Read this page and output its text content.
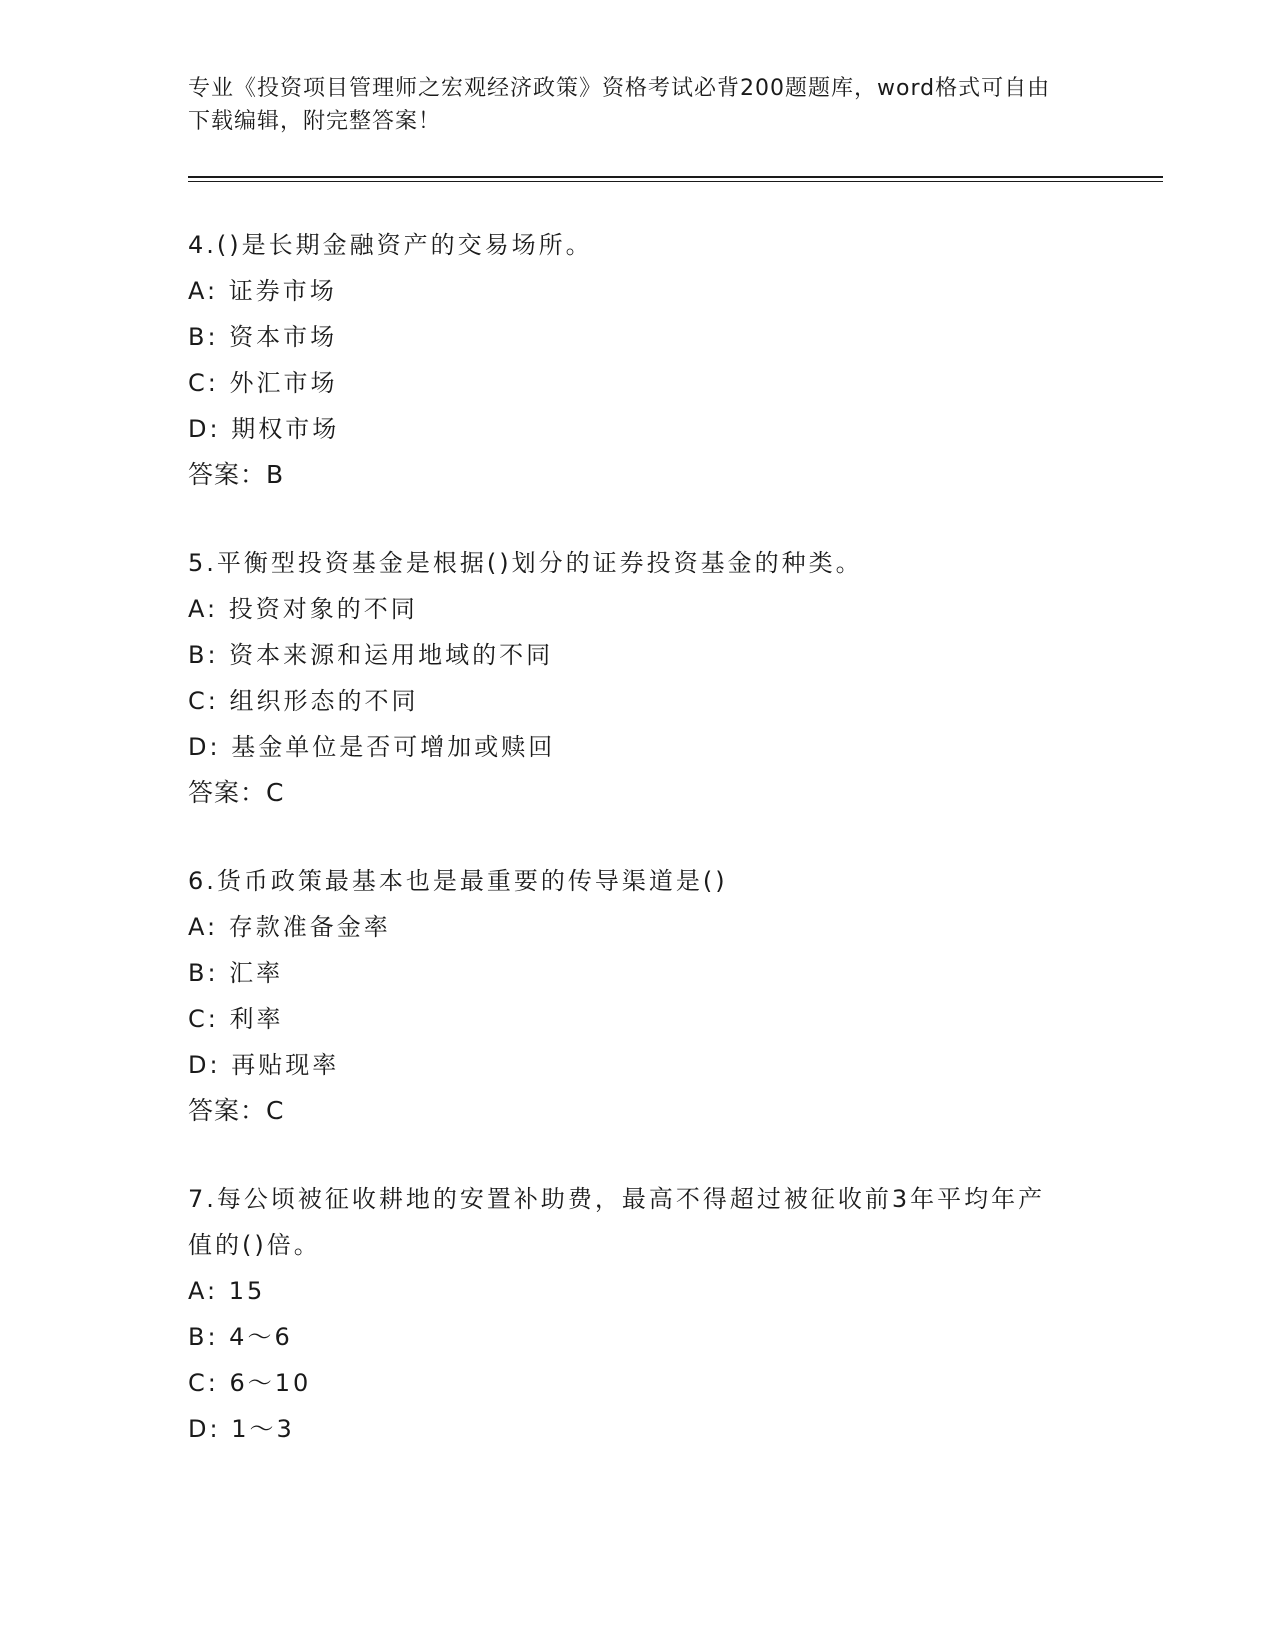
专业《投资项目管理师之宏观经济政策》资格考试必背200题题库，word格式可自由下载编辑，附完整答案！
4.()是长期金融资产的交易场所。
A: 证券市场
B: 资本市场
C: 外汇市场
D: 期权市场
答案：B
5.平衡型投资基金是根据()划分的证券投资基金的种类。
A: 投资对象的不同
B: 资本来源和运用地域的不同
C: 组织形态的不同
D: 基金单位是否可增加或赎回
答案：C
6.货币政策最基本也是最重要的传导渠道是()
A: 存款准备金率
B: 汇率
C: 利率
D: 再贴现率
答案：C
7.每公顷被征收耕地的安置补助费，最高不得超过被征收前3年平均年产值的()倍。
A: 15
B: 4～6
C: 6～10
D: 1～3
